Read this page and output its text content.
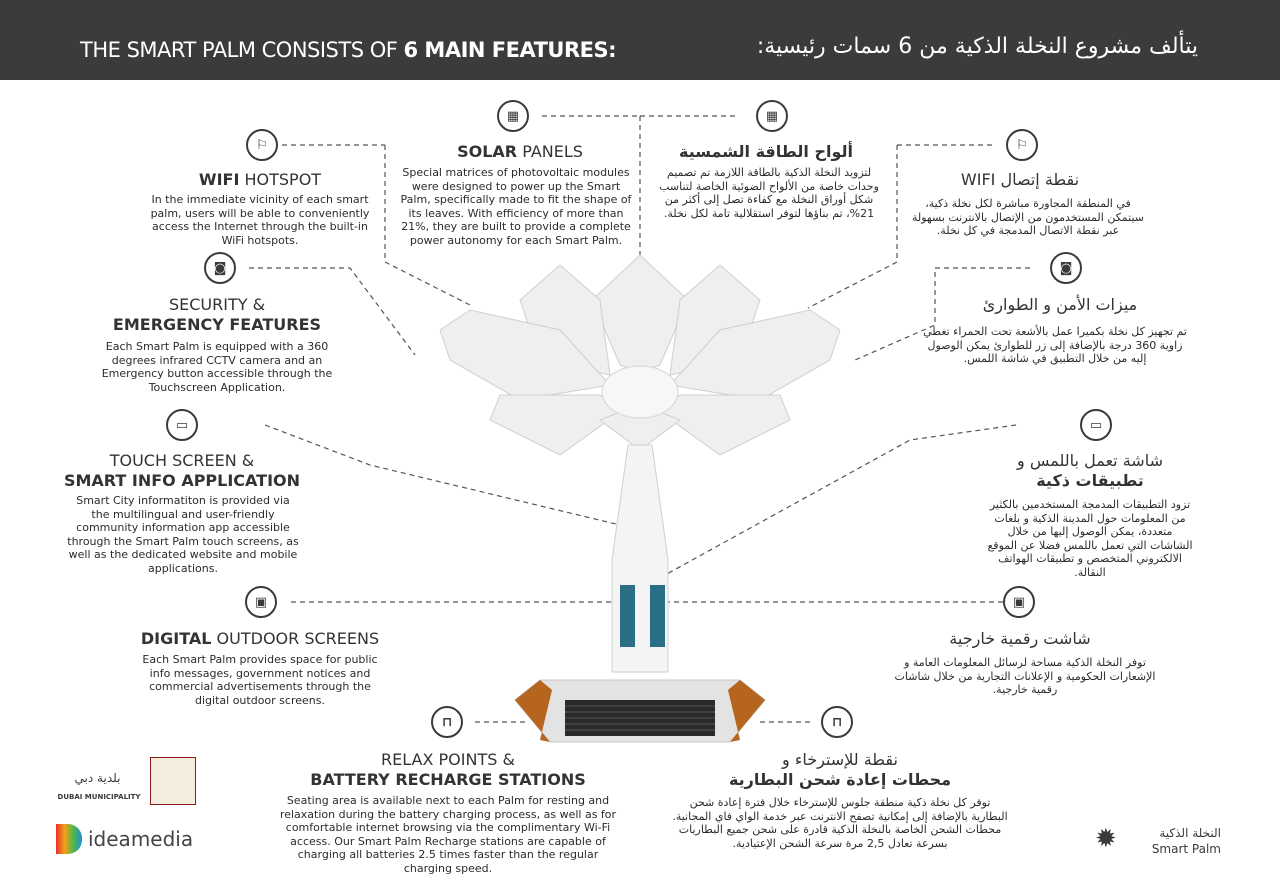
THE SMART PALM CONSISTS OF 6 MAIN FEATURES:	يتألف مشروع النخلة الذكية من 6 سمات رئيسية:
▦	▦
⚐	⚐
◙	◙
▭	▭
▣	▣
⊓	⊓
SOLAR PANELS
Special matrices of photovoltaic modules were designed to power up the Smart Palm, specifically made to fit the shape of its leaves. With efficiency of more than 21%, they are built to provide a complete power autonomy for each Smart Palm.
WIFI HOTSPOT
In the immediate vicinity of each smart palm, users will be able to conveniently access the Internet through the built-in WiFi hotspots.
SECURITY &
EMERGENCY FEATURES
Each Smart Palm is equipped with a 360 degrees infrared CCTV camera and an Emergency button accessible through the Touchscreen Application.
TOUCH SCREEN &
SMART INFO APPLICATION
Smart City informatiton is provided via the multilingual and user-friendly community information app accessible through the Smart Palm touch screens, as well as the dedicated website and mobile applications.
DIGITAL OUTDOOR SCREENS
Each Smart Palm provides space for public info messages, government notices and commercial advertisements through the digital outdoor screens.
RELAX POINTS &
BATTERY RECHARGE STATIONS
Seating area is available next to each Palm for resting and relaxation during the battery charging process, as well as for comfortable internet browsing via the complimentary Wi-Fi access. Our Smart Palm Recharge stations are capable of charging all batteries 2.5 times faster than the regular charging speed.
ألواح الطاقة الشمسية
لتزويد النخلة الذكية بالطاقة اللازمة تم تصميم وحدات خاصة من الألواح الضوئية الخاصة لتناسب شكل أوراق النخلة مع كفاءة تصل إلى أكثر من 21%، تم بناؤها لتوفر استقلالية تامة لكل نخلة.
نقطة إتصال WIFI
في المنطقة المجاورة مباشرة لكل نخلة ذكية، سيتمكن المستخدمون من الإتصال بالانترنت بسهولة عبر نقطة الاتصال المدمجة في كل نخلة.
ميزات الأمن و الطوارئ
تم تجهيز كل نخلة بكميرا عمل بالأشعة تحت الحمراء تغطي زاوية 360 درجة بالإضافة إلى زر للطوارئ يمكن الوصول إليه من خلال التطبيق في شاشة اللمس.
شاشة تعمل باللمس و
تطبيقات ذكية
تزود التطبيقات المدمجة المستخدمين بالكثير من المعلومات حول المدينة الذكية و بلغات متعددة، يمكن الوصول إليها من خلال الشاشات التي تعمل باللمس فضلا عن الموقع الالكتروني المتخصص و تطبيقات الهواتف النقالة.
شاشت رقمية خارجية
توفر النخلة الذكية مساحة لرسائل المعلومات العامة و الإشعارات الحكومية و الإعلانات التجارية من خلال شاشات رقمية خارجية.
نقطة للإسترخاء و
محطات إعادة شحن البطارية
توفر كل نخلة ذكية منطقة جلوس للإسترخاء خلال فترة إعادة شحن البطارية بالإضافة إلى إمكانية تصفح الانترنت عبر خدمة الواي فاي المجانية. محطات الشحن الخاصة بالنخلة الذكية قادرة على شحن جميع البطاريات بسرعة تعادل 2,5 مرة سرعة الشحن الإعتيادية.
بلدية دبي
DUBAI MUNICIPALITY
ideamedia	✹	النخلة الذكية
Smart Palm
